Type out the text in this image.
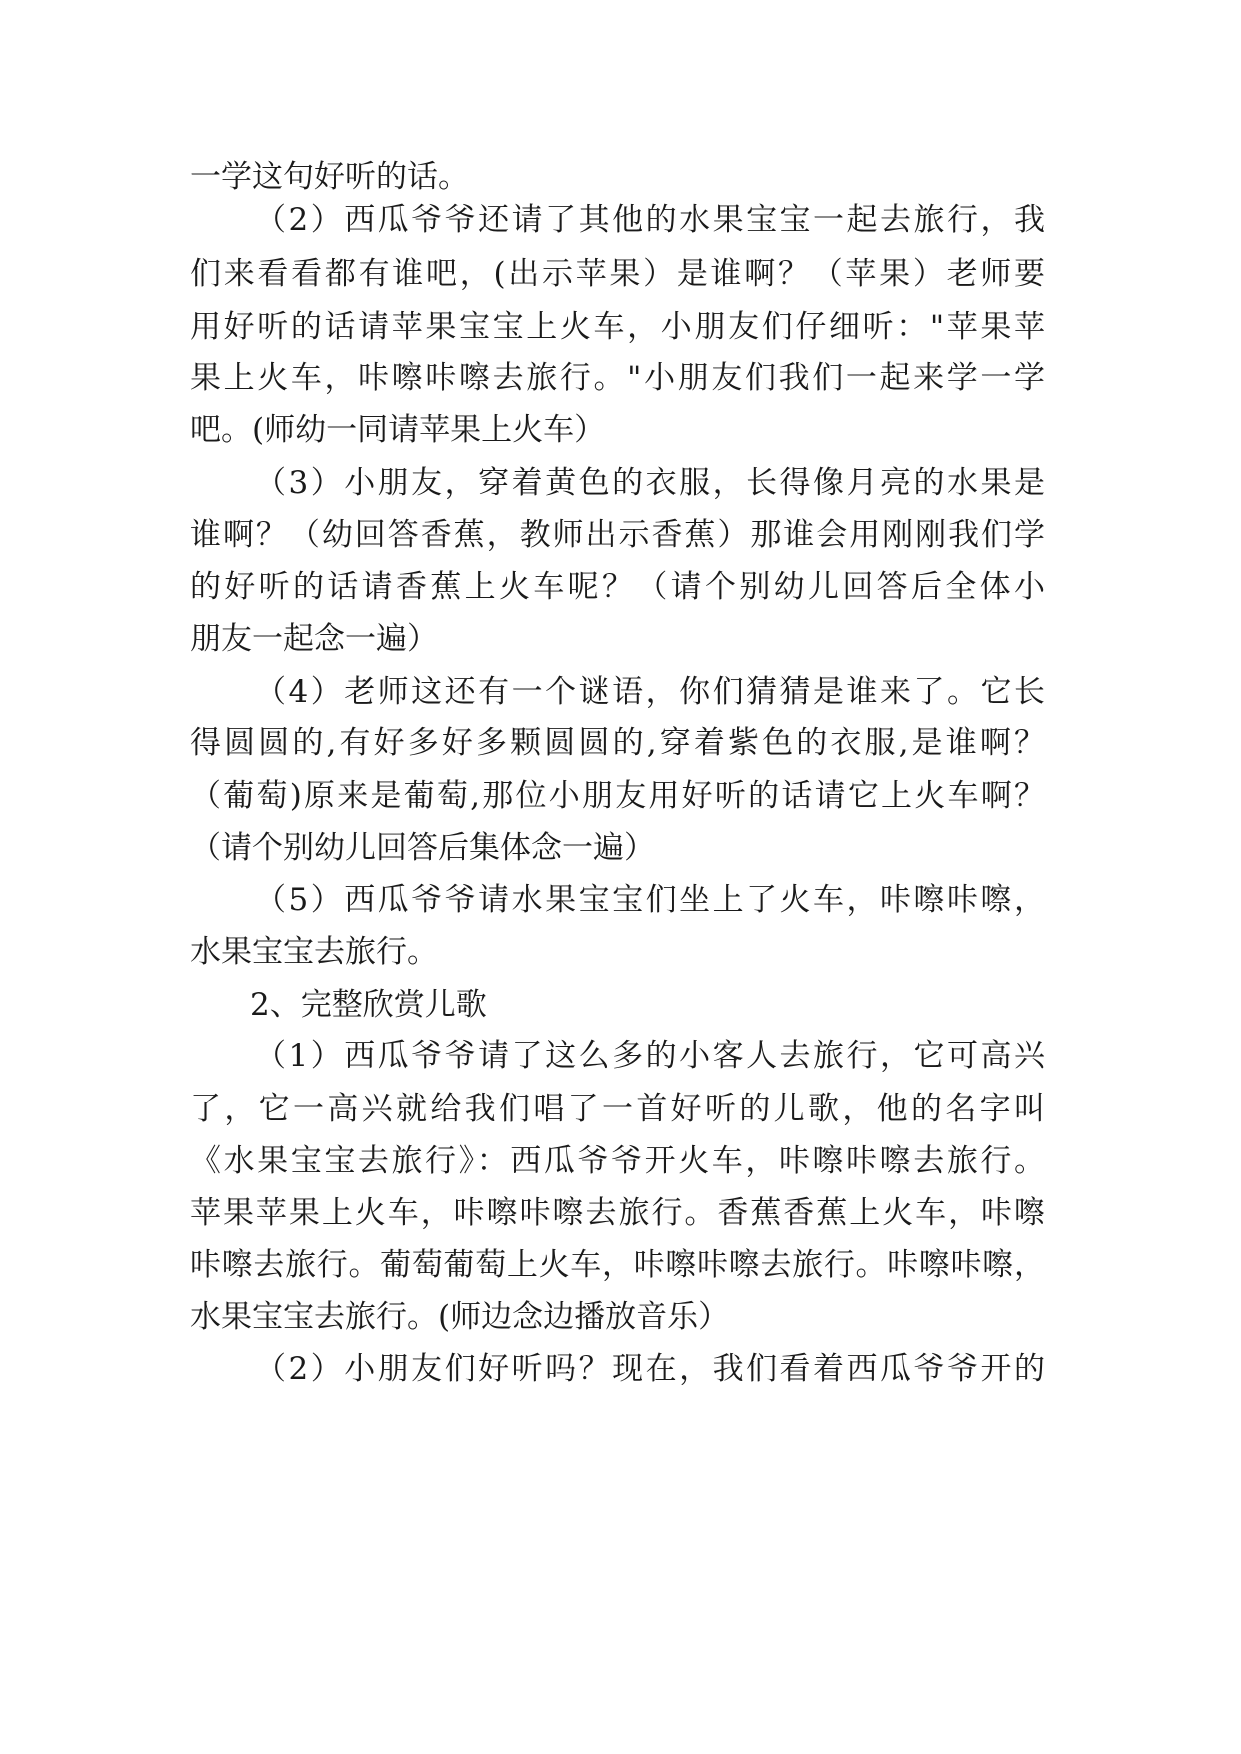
一学这句好听的话。
（2）西瓜爷爷还请了其他的水果宝宝一起去旅行，我
们来看看都有谁吧，(出示苹果）是谁啊？（苹果）老师要
用好听的话请苹果宝宝上火车，小朋友们仔细听："苹果苹
果上火车，咔嚓咔嚓去旅行。"小朋友们我们一起来学一学
吧。(师幼一同请苹果上火车）
（3）小朋友，穿着黄色的衣服，长得像月亮的水果是
谁啊？（幼回答香蕉，教师出示香蕉）那谁会用刚刚我们学
的好听的话请香蕉上火车呢？（请个别幼儿回答后全体小
朋友一起念一遍）
（4）老师这还有一个谜语，你们猜猜是谁来了。它长
得圆圆的,有好多好多颗圆圆的,穿着紫色的衣服,是谁啊？
（葡萄)原来是葡萄,那位小朋友用好听的话请它上火车啊？
（请个别幼儿回答后集体念一遍）
（5）西瓜爷爷请水果宝宝们坐上了火车，咔嚓咔嚓，
水果宝宝去旅行。
2、完整欣赏儿歌
（1）西瓜爷爷请了这么多的小客人去旅行，它可高兴
了，它一高兴就给我们唱了一首好听的儿歌，他的名字叫
《水果宝宝去旅行》：西瓜爷爷开火车，咔嚓咔嚓去旅行。
苹果苹果上火车，咔嚓咔嚓去旅行。香蕉香蕉上火车，咔嚓
咔嚓去旅行。葡萄葡萄上火车，咔嚓咔嚓去旅行。咔嚓咔嚓，
水果宝宝去旅行。(师边念边播放音乐）
（2）小朋友们好听吗？现在，我们看着西瓜爷爷开的
